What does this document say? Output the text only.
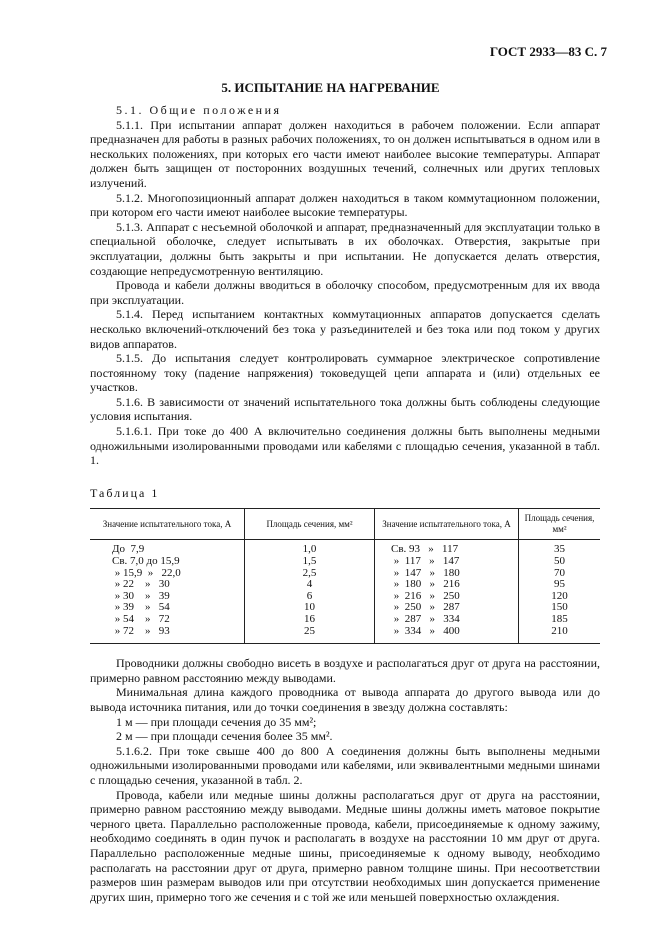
ГОСТ 2933—83 С. 7
5. ИСПЫТАНИЕ НА НАГРЕВАНИЕ

5.1. Общие положения

5.1.1. При испытании аппарат должен находиться в рабочем положении. Если аппарат предназначен для работы в разных рабочих положениях, то он должен испытываться в одном или в нескольких положениях, при которых его части имеют наиболее высокие температуры. Аппарат должен быть защищен от посторонних воздушных течений, солнечных или других тепловых излучений.

5.1.2. Многопозиционный аппарат должен находиться в таком коммутационном положении, при котором его части имеют наиболее высокие температуры.

5.1.3. Аппарат с несъемной оболочкой и аппарат, предназначенный для эксплуатации только в специальной оболочке, следует испытывать в их оболочках. Отверстия, закрытые при эксплуатации, должны быть закрыты и при испытании. Не допускается делать отверстия, создающие непредусмотренную вентиляцию.

Провода и кабели должны вводиться в оболочку способом, предусмотренным для их ввода при эксплуатации.

5.1.4. Перед испытанием контактных коммутационных аппаратов допускается сделать несколько включений-отключений без тока у разъединителей и без тока или под током у других видов аппаратов.

5.1.5. До испытания следует контролировать суммарное электрическое сопротивление постоянному току (падение напряжения) токоведущей цепи аппарата и (или) отдельных ее участков.

5.1.6. В зависимости от значений испытательного тока должны быть соблюдены следующие условия испытания.

5.1.6.1. При токе до 400 А включительно соединения должны быть выполнены медными одножильными изолированными проводами или кабелями с площадью сечения, указанной в табл. 1.

Таблица 1

Значение испытательного тока, А	Площадь сечения, мм²	Значение испытательного тока, А	Площадь сечения, мм²
До  7,9	1,0	Св. 93   »   117	35
Св. 7,0 до 15,9	1,5	»  117   »   147	50
» 15,9  »   22,0	2,5	»  147   »   180	70
» 22    »   30	4	»  180   »   216	95
» 30    »   39	6	»  216   »   250	120
» 39    »   54	10	»  250   »   287	150
» 54    »   72	16	»  287   »   334	185
» 72    »   93	25	»  334   »   400	210

Проводники должны свободно висеть в воздухе и располагаться друг от друга на расстоянии, примерно равном расстоянию между выводами.

Минимальная длина каждого проводника от вывода аппарата до другого вывода или до вывода источника питания, или до точки соединения в звезду должна составлять:

1 м — при площади сечения до 35 мм²;

2 м — при площади сечения более 35 мм².

5.1.6.2. При токе свыше 400 до 800 А соединения должны быть выполнены медными одножильными изолированными проводами или кабелями, или эквивалентными медными шинами с площадью сечения, указанной в табл. 2.

Провода, кабели или медные шины должны располагаться друг от друга на расстоянии, примерно равном расстоянию между выводами. Медные шины должны иметь матовое покрытие черного цвета. Параллельно расположенные провода, кабели, присоединяемые к одному зажиму, необходимо соединять в один пучок и располагать в воздухе на расстоянии 10 мм друг от друга. Параллельно расположенные медные шины, присоединяемые к одному выводу, необходимо располагать на расстоянии друг от друга, примерно равном толщине шины. При несоответствии размеров шин размерам выводов или при отсутствии необходимых шин допускается применение других шин, примерно того же сечения и с той же или меньшей поверхностью охлаждения.
